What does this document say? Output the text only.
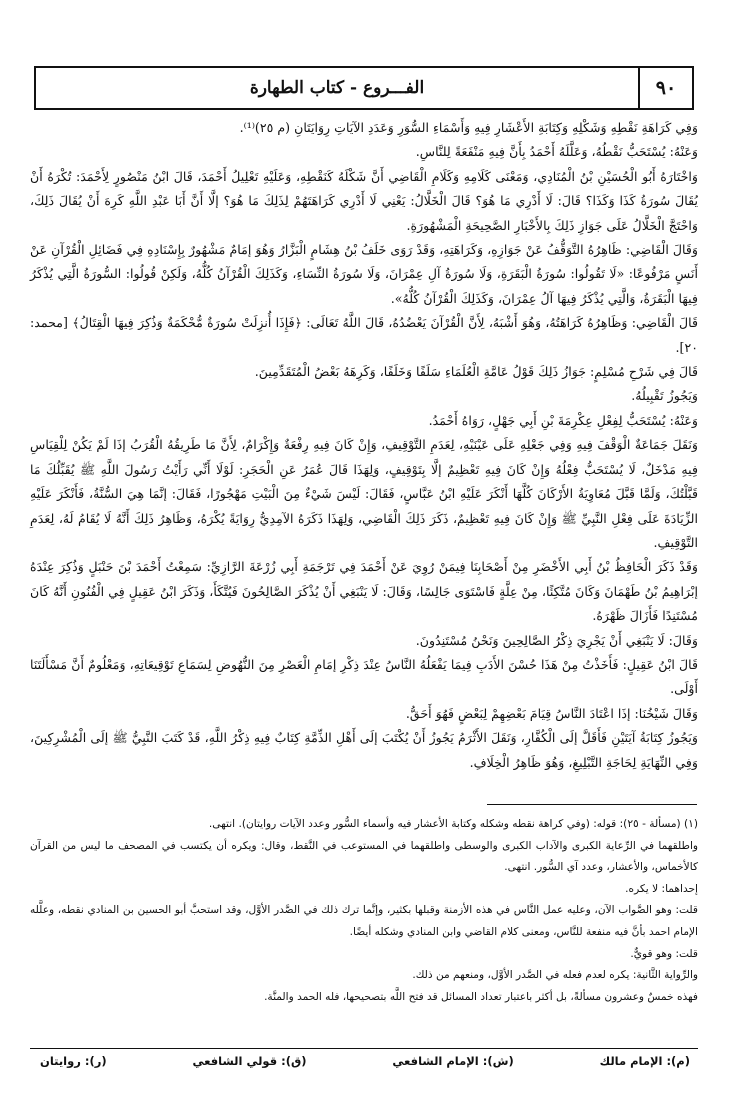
٩٠
الفـــروع - كتاب الطهارة

وَفِي كَرَاهَةِ نَقْطِهِ وَشَكْلِهِ وَكِتَابَةِ الأَعْشَارِ فِيهِ وَأَسْمَاءِ السُّوَرِ وَعَدَدِ الآيَاتِ رِوَايَتَانِ (م ٢٥)⁽¹⁾.

وَعَنْهُ: يُسْتَحَبُّ نَقْطُهُ، وَعَلَّلَهُ أَحْمَدُ بِأَنَّ فِيهِ مَنْفَعَةً لِلنَّاسِ.

وَاخْتَارَهُ أَبُو الْحُسَيْنِ بْنُ الْمُنَادِي، وَمَعْنَى كَلَامِهِ وَكَلَامِ الْقَاضِي أَنَّ شَكْلَهُ كَنَقْطِهِ، وَعَلَيْهِ تَعْلِيلُ أَحْمَدَ، قَالَ ابْنُ مَنْصُورٍ لِأَحْمَدَ: تُكْرَهُ أَنْ يُقَالَ سُورَةُ كَذَا وَكَذَا؟ قَالَ: لَا أَدْرِي مَا هُوَ؟ قَالَ الْخَلَّالُ: يَعْنِي لَا أَدْرِي كَرَاهَتَهُمْ لِذَلِكَ مَا هُوَ؟ إلَّا أَنَّ أَبَا عَبْدِ اللَّهِ كَرِهَ أَنْ يُقَالَ ذَلِكَ، وَاحْتَجَّ الْخَلَّالُ عَلَى جَوَازِ ذَلِكَ بِالأَخْبَارِ الصَّحِيحَةِ الْمَشْهُورَةِ.

وَقَالَ الْقَاضِي: ظَاهِرُهُ التَّوَقُّفُ عَنْ جَوَازِهِ، وَكَرَاهَتِهِ، وَقَدْ رَوَى خَلَفُ بْنُ هِشَامٍ الْبَزَّارُ وَهُوَ إمَامٌ مَشْهُورٌ بِإِسْنَادِهِ فِي فَضَائِلِ الْقُرْآنِ عَنْ أَنَسٍ مَرْفُوعًا: «لَا تَقُولُوا: سُورَةُ الْبَقَرَةِ، وَلَا سُورَةُ آلِ عِمْرَانَ، وَلَا سُورَةُ النِّسَاءِ، وَكَذَلِكَ الْقُرْآنُ كُلُّهُ، وَلَكِنْ قُولُوا: السُّورَةُ الَّتِي يُذْكَرُ فِيهَا الْبَقَرَةُ، وَالَّتِي يُذْكَرُ فِيهَا آلُ عِمْرَانَ، وَكَذَلِكَ الْقُرْآنُ كُلُّهُ».

قَالَ الْقَاضِي: وَظَاهِرُهُ كَرَاهَتُهُ، وَهُوَ أَشْبَهُ، لِأَنَّ الْقُرْآنَ يَعْضُدُهُ، قَالَ اللَّهُ تَعَالَى: ﴿فَإِذَا أُنزِلَتْ سُورَةٌ مُّحْكَمَةٌ وَذُكِرَ فِيهَا الْقِتَالُ﴾ [محمد: ٢٠].

قَالَ فِي شَرْحِ مُسْلِمٍ: جَوَازُ ذَلِكَ قَوْلُ عَامَّةِ الْعُلَمَاءِ سَلَفًا وَخَلَفًا، وَكَرِهَهُ بَعْضُ الْمُتَقَدِّمِينَ.

وَيَجُوزُ تَقْبِيلُهُ.

وَعَنْهُ: يُسْتَحَبُّ لِفِعْلِ عِكْرِمَةَ بْنِ أَبِي جَهْلٍ، رَوَاهُ أَحْمَدُ.

وَنَقَلَ جَمَاعَةٌ الْوَقْفَ فِيهِ وَفِي جَعْلِهِ عَلَى عَيْنَيْهِ، لِعَدَمِ التَّوْقِيفِ، وَإِنْ كَانَ فِيهِ رِفْعَةٌ وَإِكْرَامٌ، لِأَنَّ مَا طَرِيقُهُ الْقُرَبُ إذَا لَمْ يَكُنْ لِلْقِيَاسِ فِيهِ مَدْخَلٌ، لَا يُسْتَحَبُّ فِعْلُهُ وَإِنْ كَانَ فِيهِ تَعْظِيمٌ إلَّا بِتَوْقِيفٍ، وَلِهَذَا قَالَ عُمَرُ عَنِ الْحَجَرِ: لَوْلَا أَنِّي رَأَيْتُ رَسُولَ اللَّهِ ﷺ يُقَبِّلُكَ مَا قَبَّلْتُكَ، وَلَمَّا قَبَّلَ مُعَاوِيَةُ الأَرْكَانَ كُلَّهَا أَنْكَرَ عَلَيْهِ ابْنُ عَبَّاسٍ، فَقَالَ: لَيْسَ شَيْءٌ مِنَ الْبَيْتِ مَهْجُورًا، فَقَالَ: إنَّمَا هِيَ السُّنَّةُ، فَأَنْكَرَ عَلَيْهِ الزِّيَادَةَ عَلَى فِعْلِ النَّبِيِّ ﷺ وَإِنْ كَانَ فِيهِ تَعْظِيمٌ، ذَكَرَ ذَلِكَ الْقَاضِي، وَلِهَذَا ذَكَرَهُ الآمِدِيُّ رِوَايَةً يُكْرَهُ، وَظَاهِرُ ذَلِكَ أَنَّهُ لَا يُقَامُ لَهُ، لِعَدَمِ التَّوْقِيفِ.

وَقَدْ ذَكَرَ الْحَافِظُ بْنُ أَبِي الأَخْضَرِ مِنْ أَصْحَابِنَا فِيمَنْ رُوِيَ عَنْ أَحْمَدَ فِي تَرْجَمَةِ أَبِي زُرْعَةَ الرَّازِيِّ: سَمِعْتُ أَحْمَدَ بْنَ حَنْبَلٍ وَذُكِرَ عِنْدَهُ إبْرَاهِيمُ بْنُ طَهْمَانَ وَكَانَ مُتَّكِئًا، مِنْ عِلَّةٍ فَاسْتَوَى جَالِسًا، وَقَالَ: لَا يَنْبَغِي أَنْ يُذْكَرَ الصَّالِحُونَ فَيُتَّكَأَ، وَذَكَرَ ابْنُ عَقِيلٍ فِي الْفُنُونِ أَنَّهُ كَانَ مُسْتَنِدًا فَأَزَالَ ظَهْرَهُ.

وَقَالَ: لَا يَنْبَغِي أَنْ يَجْرِيَ ذِكْرُ الصَّالِحِينَ وَنَحْنُ مُسْتَنِدُونَ.

قَالَ ابْنُ عَقِيلٍ: فَأَخَذْتُ مِنْ هَذَا حُسْنَ الأَدَبِ فِيمَا يَفْعَلُهُ النَّاسُ عِنْدَ ذِكْرِ إمَامِ الْعَصْرِ مِنَ النُّهُوضِ لِسَمَاعِ تَوْقِيعَاتِهِ، وَمَعْلُومٌ أَنَّ مَسْأَلَتَنَا أَوْلَى.

وَقَالَ شَيْخُنَا: إذَا اعْتَادَ النَّاسُ قِيَامَ بَعْضِهِمْ لِبَعْضٍ فَهُوَ أَحَقُّ.

وَيَجُوزُ كِتَابَةُ آيَتَيْنِ فَأَقَلَّ إلَى الْكُفَّارِ، وَنَقَلَ الأَثْرَمُ يَجُوزُ أَنْ يُكْتَبَ إلَى أَهْلِ الذِّمَّةِ كِتَابٌ فِيهِ ذِكْرُ اللَّهِ، قَدْ كَتَبَ النَّبِيُّ ﷺ إلَى الْمُشْرِكِينَ، وَفِي النِّهَايَةِ لِحَاجَةِ التَّبْلِيغِ، وَهُوَ ظَاهِرُ الْخِلَافِ.

(١) (مسألة - ٢٥): قوله: (وفي كراهة نقطه وشكله وكتابة الأعشار فيه وأسماء السُّور وعدد الآيات روايتان). انتهى.

واطلقهما في الرِّعاية الكبرى والآداب الكبرى والوسطى واطلقهما في المستوعب في النَّقط، وقال: ويكره أن يكتسب في المصحف ما ليس من القرآن كالأخماس، والأعشار، وعدد آي السُّور. انتهى.

إحداهما: لا يكره.

قلت: وهو الصَّواب الآن، وعليه عمل النَّاس في هذه الأزمنة وقبلها بكثير، وإنَّما ترك ذلك في الصَّدر الأوَّل، وقد استحبَّ أبو الحسين بن المنادي نقطه، وعلَّله الإمام احمد بأنَّ فيه منفعة للنَّاس، ومعنى كلام القاضي وابن المنادي وشكله أيضًا.

قلت: وهو قويٌّ.

والرِّواية الثَّانية: يكره لعدم فعله في الصَّدر الأوَّل، ومنعهم من ذلك.

فهذه خمسٌ وعشرون مسألةً، بل أكثر باعتبار تعداد المسائل قد فتح اللَّه بتصحيحها، فله الحمد والمنَّة.

(م): الإمام مالك
(ش): الإمام الشافعي
(ق): قولي الشافعي
(ر): روايتان
